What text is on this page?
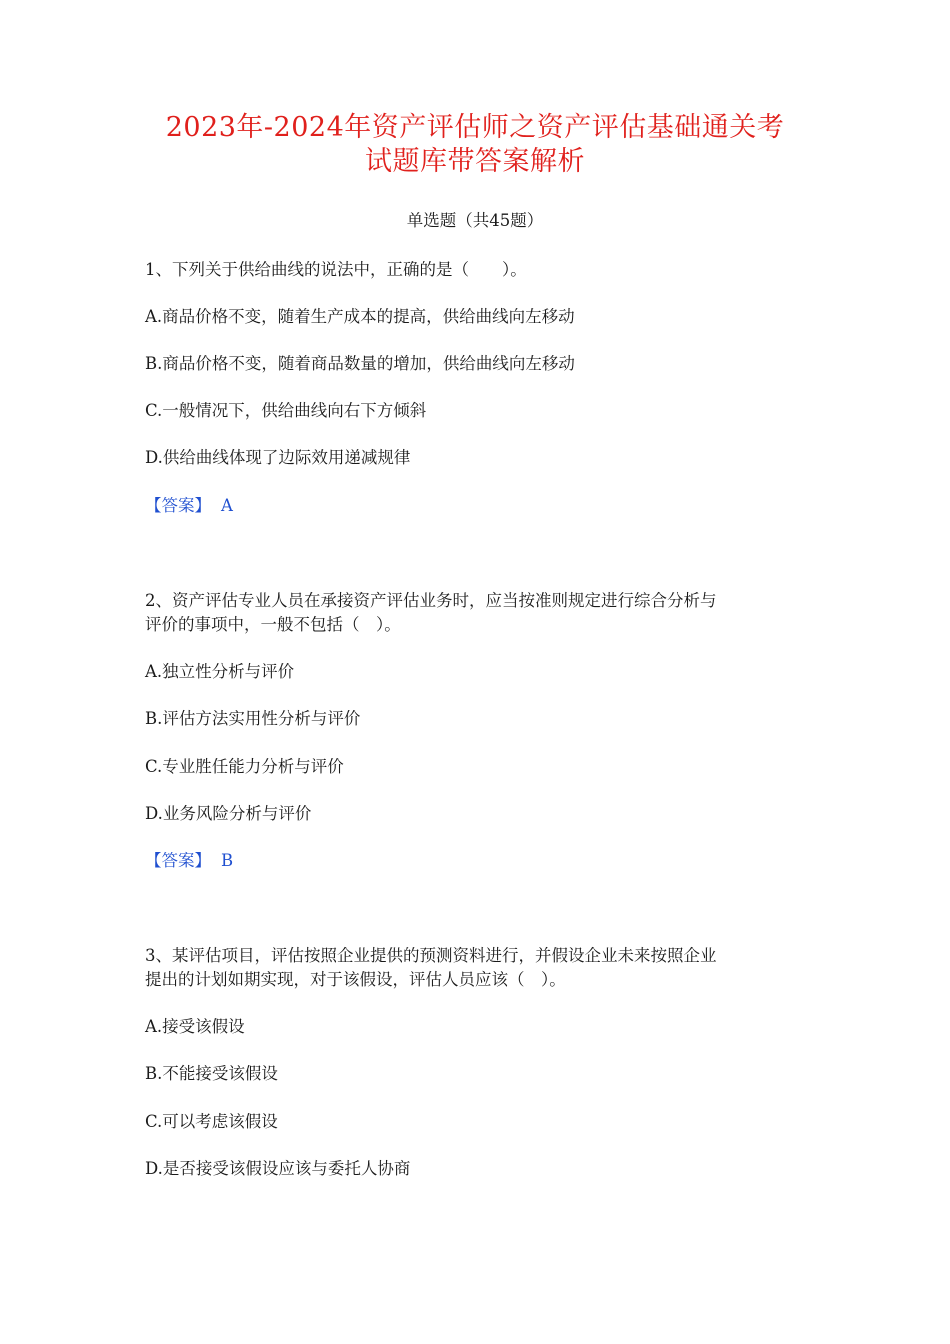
2023年-2024年资产评估师之资产评估基础通关考
试题库带答案解析
单选题（共45题）
1、下列关于供给曲线的说法中，正确的是（　　）。
A.商品价格不变，随着生产成本的提高，供给曲线向左移动
B.商品价格不变，随着商品数量的增加，供给曲线向左移动
C.一般情况下，供给曲线向右下方倾斜
D.供给曲线体现了边际效用递减规律
【答案】 A
2、资产评估专业人员在承接资产评估业务时，应当按准则规定进行综合分析与
评价的事项中，一般不包括（　）。
A.独立性分析与评价
B.评估方法实用性分析与评价
C.专业胜任能力分析与评价
D.业务风险分析与评价
【答案】 B
3、某评估项目，评估按照企业提供的预测资料进行，并假设企业未来按照企业
提出的计划如期实现，对于该假设，评估人员应该（　）。
A.接受该假设
B.不能接受该假设
C.可以考虑该假设
D.是否接受该假设应该与委托人协商
